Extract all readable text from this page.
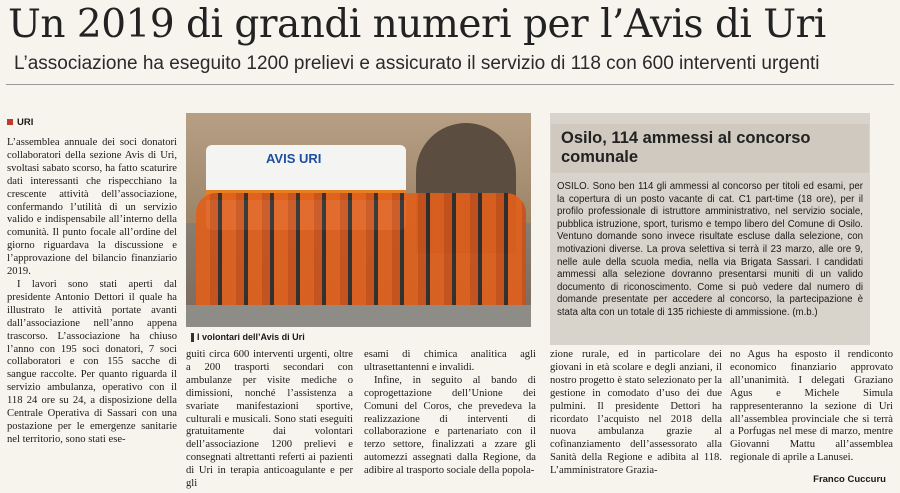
Un 2019 di grandi numeri per l’Avis di Uri
L’associazione ha eseguito 1200 prelievi e assicurato il servizio di 118 con 600 interventi urgenti
URI

L’assemblea annuale dei soci donatori collaboratori della sezione Avis di Uri, svoltasi sabato scorso, ha fatto scaturire dati interessanti che rispecchiano la crescente attività dell’associazione, confermando l’utilità di un servizio valido e indispensabile all’interno della comunità. Il punto focale all’ordine del giorno riguardava la discussione e l’approvazione del bilancio finanziario 2019.

I lavori sono stati aperti dal presidente Antonio Dettori il quale ha illustrato le attività portate avanti dall’associazione nell’anno appena trascorso. L’associazione ha chiuso l’anno con 195 soci donatori, 7 soci collaboratori e con 155 sacche di sangue raccolte. Per quanto riguarda il servizio ambulanza, operativo con il 118 24 ore su 24, a disposizione della Centrale Operativa di Sassari con una postazione per le emergenze sanitarie nel territorio, sono stati ese-

AVIS URI
I volontari dell’Avis di Uri

guiti circa 600 interventi urgenti, oltre a 200 trasporti secondari con ambulanze per visite mediche o dimissioni, nonché l’assistenza a svariate manifestazioni sportive, culturali e musicali. Sono stati eseguiti gratuitamente dai volontari dell’associazione 1200 prelievi e consegnati altrettanti referti ai pazienti di Uri in terapia anticoagulante e per gli

esami di chimica analitica agli ultrasettantenni e invalidi.

Infine, in seguito al bando di coprogettazione dell’Unione dei Comuni del Coros, che prevedeva la realizzazione di interventi di collaborazione e partenariato con il terzo settore, finalizzati a zzare gli automezzi assegnati dalla Regione, da adibire al trasporto sociale della popola-

zione rurale, ed in particolare dei giovani in età scolare e degli anziani, il nostro progetto è stato selezionato per la gestione in comodato d’uso dei due pulmini. Il presidente Dettori ha ricordato l’acquisto nel 2018 della nuova ambulanza grazie al cofinanziamento dell’assessorato alla Sanità della Regione e adibita al 118. L’amministratore Grazia-

no Agus ha esposto il rendiconto economico finanziario approvato all’unanimità. I delegati Graziano Agus e Michele Simula rappresenteranno la sezione di Uri all’assemblea provinciale che si terrà a Porfugas nel mese di marzo, mentre Giovanni Mattu all’assemblea regionale di aprile a Lanusei.

Osilo, 114 ammessi al concorso comunale
OSILO. Sono ben 114 gli ammessi al concorso per titoli ed esami, per la copertura di un posto vacante di cat. C1 part-time (18 ore), per il profilo professionale di istruttore amministrativo, nel servizio sociale, pubblica istruzione, sport, turismo e tempo libero del Comune di Osilo. Ventuno domande sono invece risultate escluse dalla selezione, con motivazioni diverse. La prova selettiva si terrà il 23 marzo, alle ore 9, nelle aule della scuola media, nella via Brigata Sassari. I candidati ammessi alla selezione dovranno presentarsi muniti di un valido documento di riconoscimento. Come si può vedere dal numero di domande presentate per accedere al concorso, la partecipazione è stata alta con un totale di 135 richieste di ammissione. (m.b.)
Franco Cuccuru
